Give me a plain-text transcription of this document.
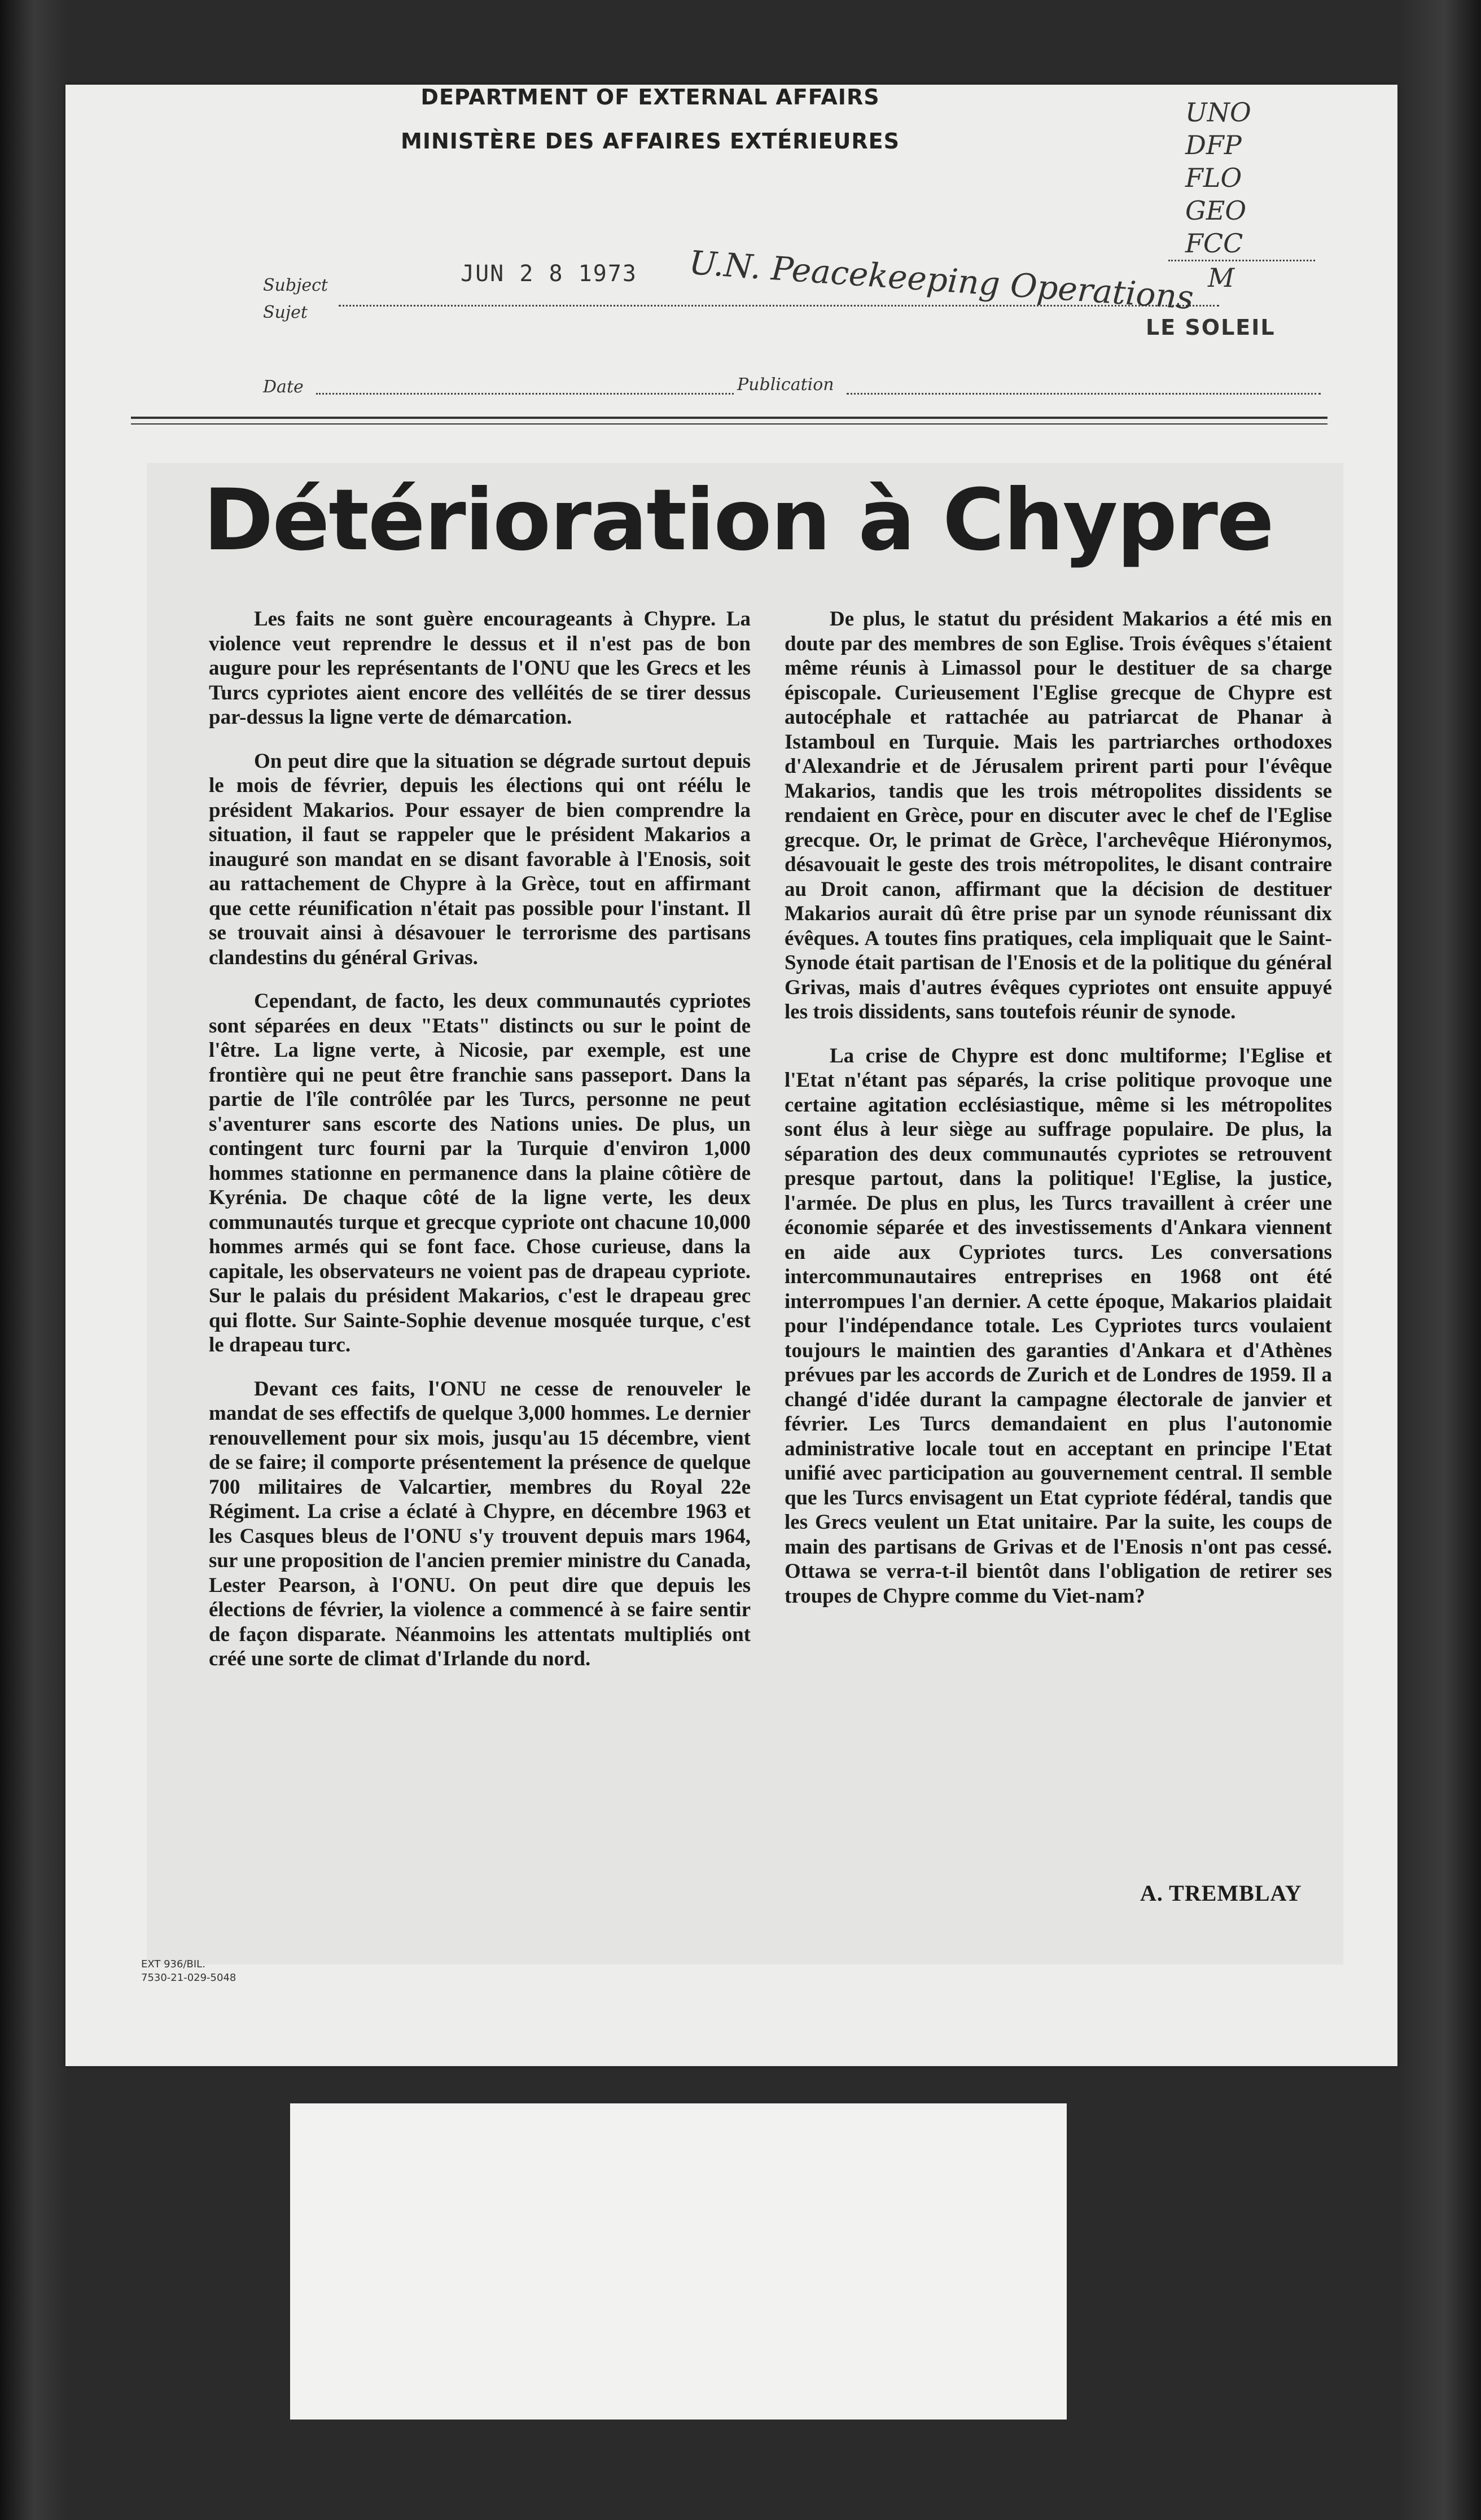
DEPARTMENT OF EXTERNAL AFFAIRS
MINISTÈRE DES AFFAIRES EXTÉRIEURES
Subject
Sujet
JUN 2 8 1973 U.N. Peacekeeping Operations
LE SOLEIL
UNO
DFP
FLO
GEO
FCC
M
Date	Publication
Détérioration à Chypre

Les faits ne sont guère encourageants à Chypre. La violence veut reprendre le dessus et il n'est pas de bon augure pour les représentants de l'ONU que les Grecs et les Turcs cypriotes aient encore des velléités de se tirer dessus par-dessus la ligne verte de démarcation.

On peut dire que la situation se dégrade surtout depuis le mois de février, depuis les élections qui ont réélu le président Makarios. Pour essayer de bien comprendre la situation, il faut se rappeler que le président Makarios a inauguré son mandat en se disant favorable à l'Enosis, soit au rattachement de Chypre à la Grèce, tout en affirmant que cette réunification n'était pas possible pour l'instant. Il se trouvait ainsi à désavouer le terrorisme des partisans clandestins du général Grivas.

Cependant, de facto, les deux communautés cypriotes sont séparées en deux "Etats" distincts ou sur le point de l'être. La ligne verte, à Nicosie, par exemple, est une frontière qui ne peut être franchie sans passeport. Dans la partie de l'île contrôlée par les Turcs, personne ne peut s'aventurer sans escorte des Nations unies. De plus, un contingent turc fourni par la Turquie d'environ 1,000 hommes stationne en permanence dans la plaine côtière de Kyrénia. De chaque côté de la ligne verte, les deux communautés turque et grecque cypriote ont chacune 10,000 hommes armés qui se font face. Chose curieuse, dans la capitale, les observateurs ne voient pas de drapeau cypriote. Sur le palais du président Makarios, c'est le drapeau grec qui flotte. Sur Sainte-Sophie devenue mosquée turque, c'est le drapeau turc.

Devant ces faits, l'ONU ne cesse de renouveler le mandat de ses effectifs de quelque 3,000 hommes. Le dernier renouvellement pour six mois, jusqu'au 15 décembre, vient de se faire; il comporte présentement la présence de quelque 700 militaires de Valcartier, membres du Royal 22e Régiment. La crise a éclaté à Chypre, en décembre 1963 et les Casques bleus de l'ONU s'y trouvent depuis mars 1964, sur une proposition de l'ancien premier ministre du Canada, Lester Pearson, à l'ONU. On peut dire que depuis les élections de février, la violence a commencé à se faire sentir de façon disparate. Néanmoins les attentats multipliés ont créé une sorte de climat d'Irlande du nord.

De plus, le statut du président Makarios a été mis en doute par des membres de son Eglise. Trois évêques s'étaient même réunis à Limassol pour le destituer de sa charge épiscopale. Curieusement l'Eglise grecque de Chypre est autocéphale et rattachée au patriarcat de Phanar à Istamboul en Turquie. Mais les partriarches orthodoxes d'Alexandrie et de Jérusalem prirent parti pour l'évêque Makarios, tandis que les trois métropolites dissidents se rendaient en Grèce, pour en discuter avec le chef de l'Eglise grecque. Or, le primat de Grèce, l'archevêque Hiéronymos, désavouait le geste des trois métropolites, le disant contraire au Droit canon, affirmant que la décision de destituer Makarios aurait dû être prise par un synode réunissant dix évêques. A toutes fins pratiques, cela impliquait que le Saint-Synode était partisan de l'Enosis et de la politique du général Grivas, mais d'autres évêques cypriotes ont ensuite appuyé les trois dissidents, sans toutefois réunir de synode.

La crise de Chypre est donc multiforme; l'Eglise et l'Etat n'étant pas séparés, la crise politique provoque une certaine agitation ecclésiastique, même si les métropolites sont élus à leur siège au suffrage populaire. De plus, la séparation des deux communautés cypriotes se retrouvent presque partout, dans la politique! l'Eglise, la justice, l'armée. De plus en plus, les Turcs travaillent à créer une économie séparée et des investissements d'Ankara viennent en aide aux Cypriotes turcs. Les conversations intercommunautaires entreprises en 1968 ont été interrompues l'an dernier. A cette époque, Makarios plaidait pour l'indépendance totale. Les Cypriotes turcs voulaient toujours le maintien des garanties d'Ankara et d'Athènes prévues par les accords de Zurich et de Londres de 1959. Il a changé d'idée durant la campagne électorale de janvier et février. Les Turcs demandaient en plus l'autonomie administrative locale tout en acceptant en principe l'Etat unifié avec participation au gouvernement central. Il semble que les Turcs envisagent un Etat cypriote fédéral, tandis que les Grecs veulent un Etat unitaire. Par la suite, les coups de main des partisans de Grivas et de l'Enosis n'ont pas cessé. Ottawa se verra-t-il bientôt dans l'obligation de retirer ses troupes de Chypre comme du Viet-nam?

A. TREMBLAY
EXT 936/BIL.
7530-21-029-5048
